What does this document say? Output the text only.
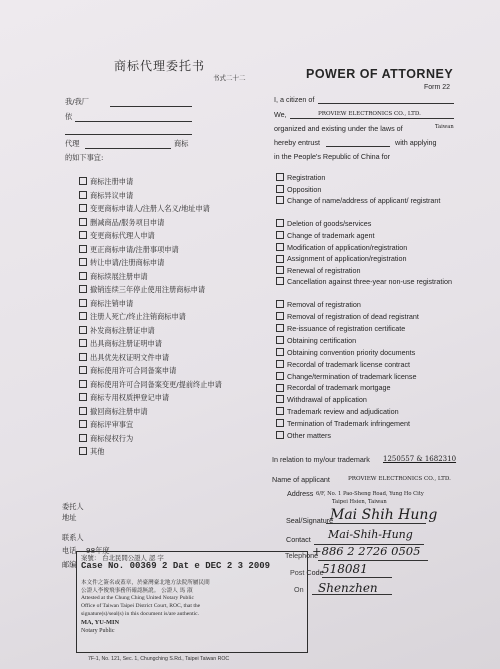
商标代理委托书
书式二十二	POWER OF ATTORNEY
Form 22
我/我厂
依
代理	商标
的如下事宜:
I, a citizen of
We,	PROVIEW ELECTRONICS CO., LTD.
organized and existing under the laws of	Taiwan
hereby entrust	with applying
in the People's Republic of China for
商标注册申请
商标异议申请
变更商标申请人/注册人名义/地址申请
删减商品/服务项目申请
变更商标代理人申请
更正商标申请/注册事项申请
转让申请/注册商标申请
商标续展注册申请
撤销连续三年停止使用注册商标申请
商标注销申请
注册人死亡/终止注销商标申请
补发商标注册证申请
出具商标注册证明申请
出具优先权证明文件申请
商标使用许可合同备案申请
商标使用许可合同备案变更/提前终止申请
商标专用权质押登记申请
撤回商标注册申请
商标评审事宜
商标侵权行为
其他
Registration
Opposition
Change of name/address of applicant/ registrant
Deletion of goods/services
Change of trademark agent
Modification of application/registration
Assignment of application/registration
Renewal of registration
Cancellation against three-year non-use registration
Removal of registration
Removal of registration of dead registrant
Re-issuance of registration certificate
Obtaining certification
Obtaining convention priority documents
Recordal of trademark license contract
Change/termination of trademark license
Recordal of trademark mortgage
Withdrawal of application
Trademark review and adjudication
Termination of Trademark infringement
Other matters
In relation to my/our trademark 1250557 & 1682310
Name of applicant	PROVIEW ELECTRONICS CO., LTD.
Address 6/F, No. 1 Pao-Sheng Road, Yung Ho City
Taipei Hsien, Taiwan
Seal/Signature
Mai Shih Hung
Contact Mai-Shih-Hung
Telephone
+886 2 2726 0505
Post Code
518081
On Shenzhen
委托人
地址
联系人
电话 98年度
邮编
案號： 台北民間公證人 認 字
Case No. 00369 2 Dat e DEC 2 3 2009
本文件之簽名或蓋章，於臺灣臺北地方法院所屬民間
公證人李俊飛事務所確認無訛。 公證人 馬 淑
Attested at the Chung Ching United Notary Public
Office of Taiwan Taipei District Court, ROC, that the
signature(s)/seal(s) in this document is/are authentic.
MA, YU-MIN
Notary Public
7F-1, No. 121, Sec. 1, Chungching S.Rd., Taipei Taiwan ROC
